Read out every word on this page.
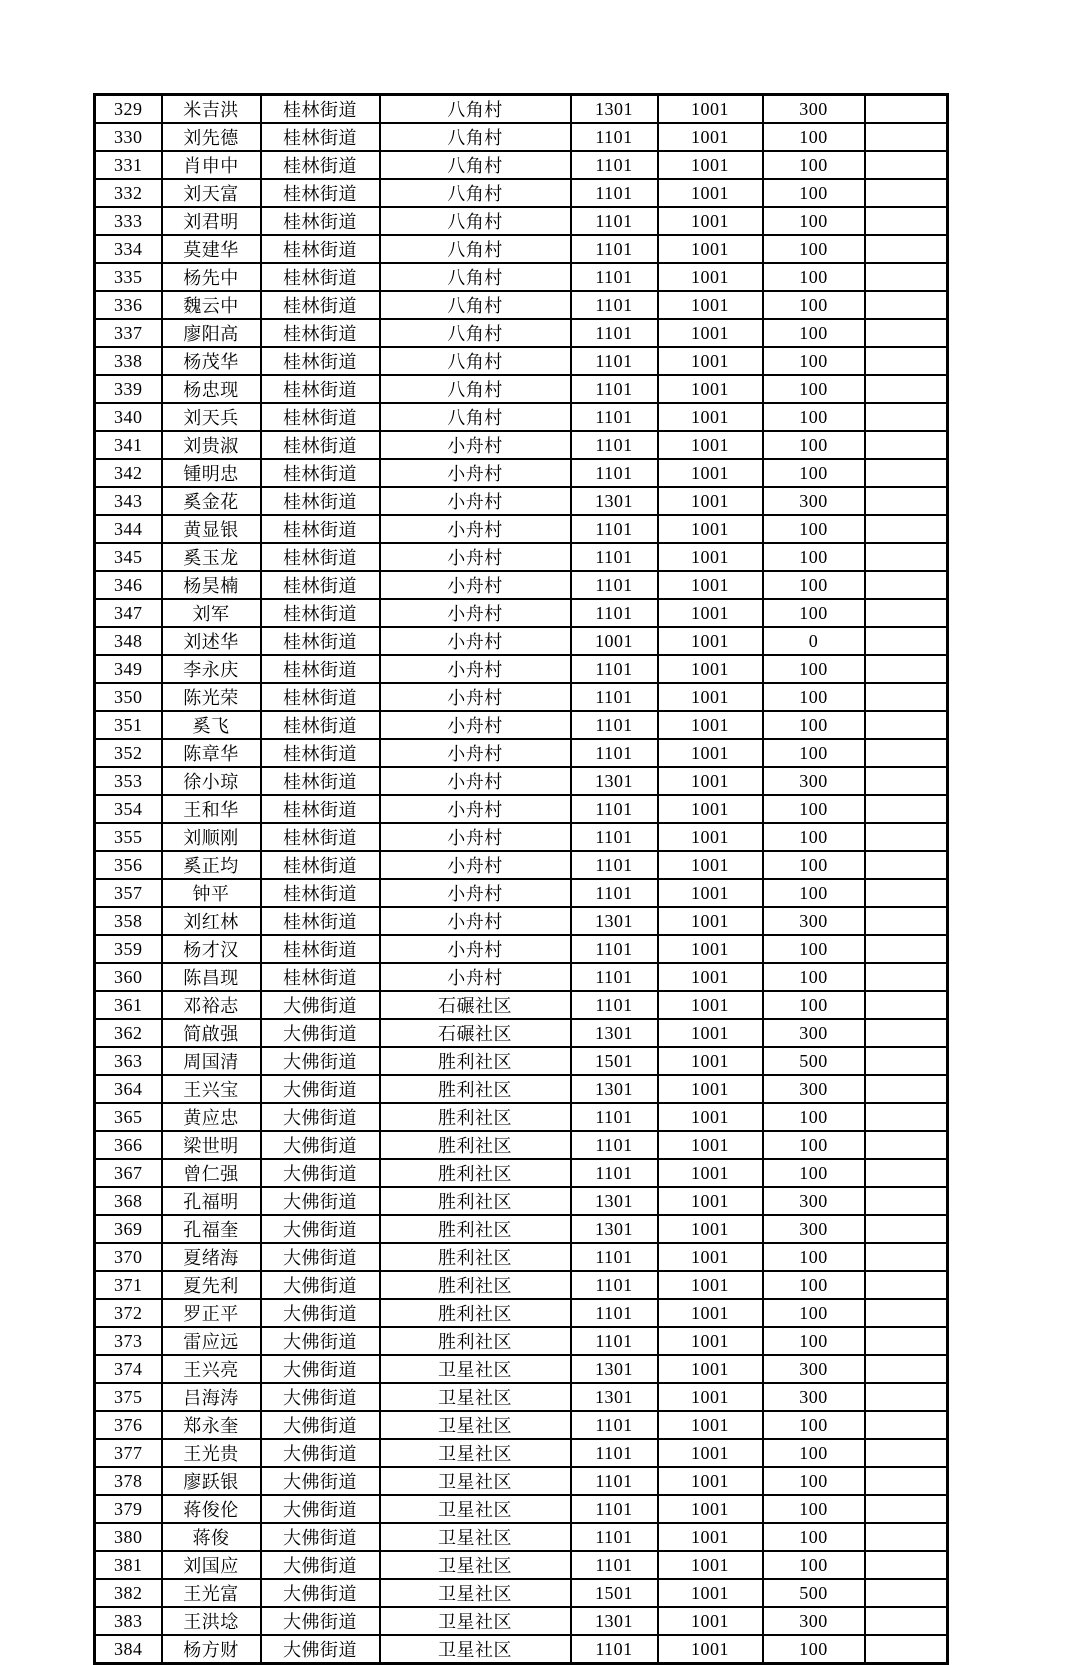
329	米吉洪	桂林街道	八角村	1301	1001	300	
330	刘先德	桂林街道	八角村	1101	1001	100	
331	肖申中	桂林街道	八角村	1101	1001	100	
332	刘天富	桂林街道	八角村	1101	1001	100	
333	刘君明	桂林街道	八角村	1101	1001	100	
334	莫建华	桂林街道	八角村	1101	1001	100	
335	杨先中	桂林街道	八角村	1101	1001	100	
336	魏云中	桂林街道	八角村	1101	1001	100	
337	廖阳高	桂林街道	八角村	1101	1001	100	
338	杨茂华	桂林街道	八角村	1101	1001	100	
339	杨忠现	桂林街道	八角村	1101	1001	100	
340	刘天兵	桂林街道	八角村	1101	1001	100	
341	刘贵淑	桂林街道	小舟村	1101	1001	100	
342	锺明忠	桂林街道	小舟村	1101	1001	100	
343	奚金花	桂林街道	小舟村	1301	1001	300	
344	黄显银	桂林街道	小舟村	1101	1001	100	
345	奚玉龙	桂林街道	小舟村	1101	1001	100	
346	杨昊楠	桂林街道	小舟村	1101	1001	100	
347	刘军	桂林街道	小舟村	1101	1001	100	
348	刘述华	桂林街道	小舟村	1001	1001	0	
349	李永庆	桂林街道	小舟村	1101	1001	100	
350	陈光荣	桂林街道	小舟村	1101	1001	100	
351	奚飞	桂林街道	小舟村	1101	1001	100	
352	陈章华	桂林街道	小舟村	1101	1001	100	
353	徐小琼	桂林街道	小舟村	1301	1001	300	
354	王和华	桂林街道	小舟村	1101	1001	100	
355	刘顺刚	桂林街道	小舟村	1101	1001	100	
356	奚正均	桂林街道	小舟村	1101	1001	100	
357	钟平	桂林街道	小舟村	1101	1001	100	
358	刘红林	桂林街道	小舟村	1301	1001	300	
359	杨才汉	桂林街道	小舟村	1101	1001	100	
360	陈昌现	桂林街道	小舟村	1101	1001	100	
361	邓裕志	大佛街道	石碾社区	1101	1001	100	
362	简啟强	大佛街道	石碾社区	1301	1001	300	
363	周国清	大佛街道	胜利社区	1501	1001	500	
364	王兴宝	大佛街道	胜利社区	1301	1001	300	
365	黄应忠	大佛街道	胜利社区	1101	1001	100	
366	梁世明	大佛街道	胜利社区	1101	1001	100	
367	曾仁强	大佛街道	胜利社区	1101	1001	100	
368	孔福明	大佛街道	胜利社区	1301	1001	300	
369	孔福奎	大佛街道	胜利社区	1301	1001	300	
370	夏绪海	大佛街道	胜利社区	1101	1001	100	
371	夏先利	大佛街道	胜利社区	1101	1001	100	
372	罗正平	大佛街道	胜利社区	1101	1001	100	
373	雷应远	大佛街道	胜利社区	1101	1001	100	
374	王兴亮	大佛街道	卫星社区	1301	1001	300	
375	吕海涛	大佛街道	卫星社区	1301	1001	300	
376	郑永奎	大佛街道	卫星社区	1101	1001	100	
377	王光贵	大佛街道	卫星社区	1101	1001	100	
378	廖跃银	大佛街道	卫星社区	1101	1001	100	
379	蒋俊伦	大佛街道	卫星社区	1101	1001	100	
380	蒋俊	大佛街道	卫星社区	1101	1001	100	
381	刘国应	大佛街道	卫星社区	1101	1001	100	
382	王光富	大佛街道	卫星社区	1501	1001	500	
383	王洪埝	大佛街道	卫星社区	1301	1001	300	
384	杨方财	大佛街道	卫星社区	1101	1001	100	
